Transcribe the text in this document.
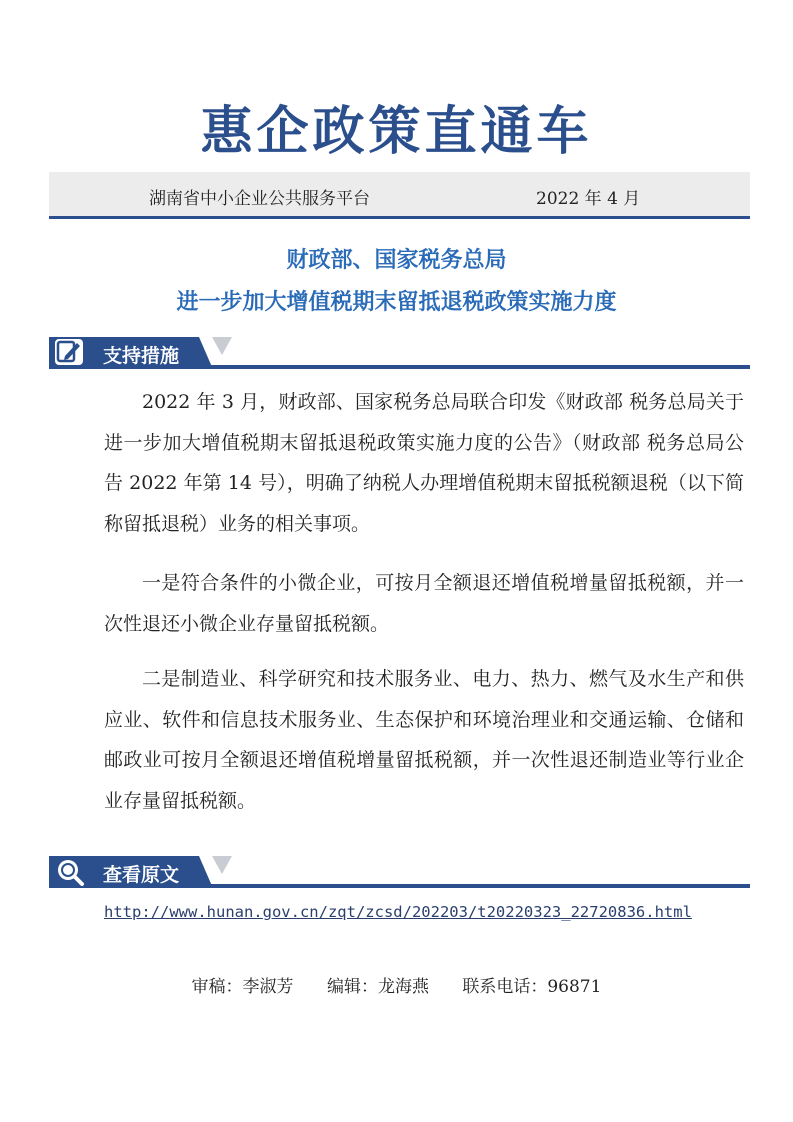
惠企政策直通车
湖南省中小企业公共服务平台	2022 年 4 月
财政部、国家税务总局
进一步加大增值税期末留抵退税政策实施力度
支持措施
2022 年 3 月，财政部、国家税务总局联合印发《财政部 税务总局关于进一步加大增值税期末留抵退税政策实施力度的公告》（财政部 税务总局公告 2022 年第 14 号），明确了纳税人办理增值税期末留抵税额退税（以下简称留抵退税）业务的相关事项。
一是符合条件的小微企业，可按月全额退还增值税增量留抵税额，并一次性退还小微企业存量留抵税额。
二是制造业、科学研究和技术服务业、电力、热力、燃气及水生产和供应业、软件和信息技术服务业、生态保护和环境治理业和交通运输、仓储和邮政业可按月全额退还增值税增量留抵税额，并一次性退还制造业等行业企业存量留抵税额。
查看原文
http://www.hunan.gov.cn/zqt/zcsd/202203/t20220323_22720836.html
审稿：李淑芳 编辑：龙海燕 联系电话：96871
